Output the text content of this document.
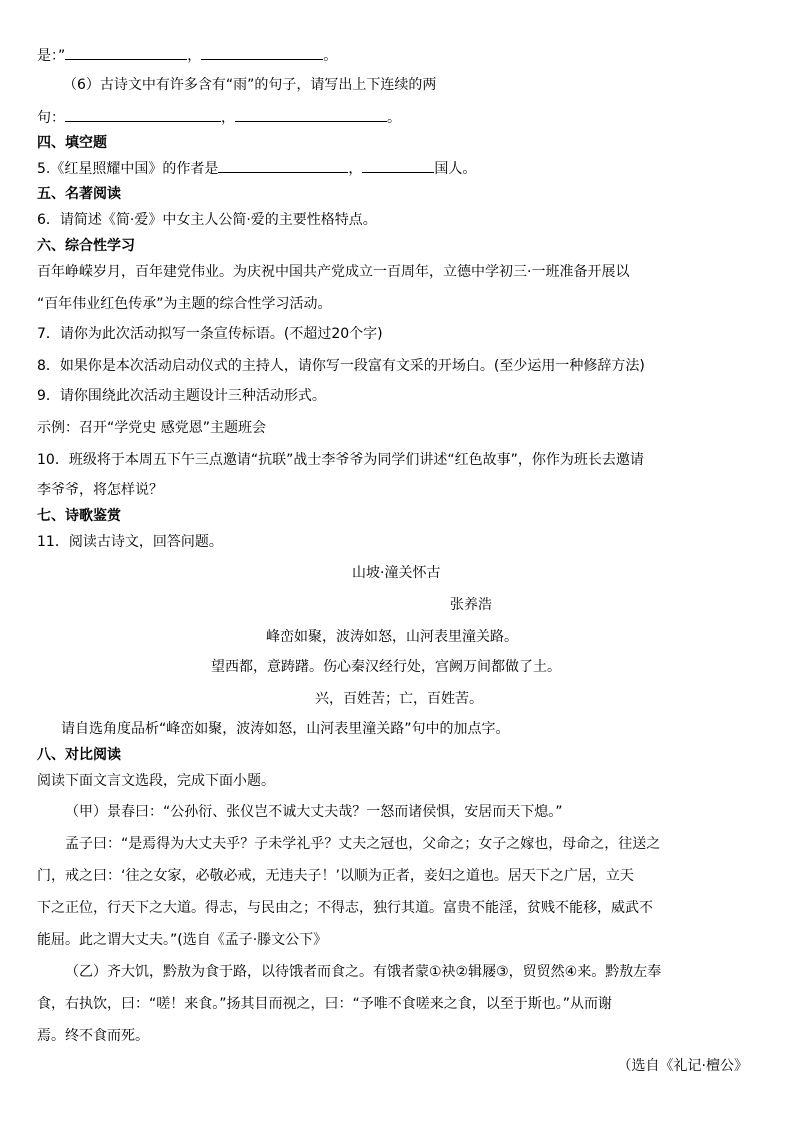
是：”	，	。
（6）古诗文中有许多含有“雨”的句子，请写出上下连续的两
句：	，	。
四、填空题
5.《红星照耀中国》的作者是	，	国人。
五、名著阅读
6．请简述《简·爱》中女主人公简·爱的主要性格特点。
六、综合性学习
百年峥嵘岁月，百年建党伟业。为庆祝中国共产党成立一百周年，立德中学初三·一班准备开展以
“百年伟业红色传承”为主题的综合性学习活动。
7．请你为此次活动拟写一条宣传标语。(不超过20个字)
8．如果你是本次活动启动仪式的主持人，请你写一段富有文采的开场白。(至少运用一种修辞方法)
9．请你围绕此次活动主题设计三种活动形式。
示例：召开“学党史 感党恩”主题班会
10．班级将于本周五下午三点邀请“抗联”战士李爷爷为同学们讲述“红色故事”，你作为班长去邀请
李爷爷，将怎样说？
七、诗歌鉴赏
11．阅读古诗文，回答问题。
山坡·潼关怀古
张养浩
峰峦如聚，波涛如怒，山河表里潼关路。
望西都，意踌躇。伤心秦汉经行处，宫阙万间都做了土。
兴，百姓苦；亡，百姓苦。
请自选角度品析“峰峦如聚，波涛如怒，山河表里潼关路”句中的加点字。
八、对比阅读
阅读下面文言文选段，完成下面小题。
（甲）景春曰：“公孙衍、张仪岂不诚大丈夫哉？一怒而诸侯惧，安居而天下熄。”
孟子曰：“是焉得为大丈夫乎？子未学礼乎？丈夫之冠也，父命之；女子之嫁也，母命之，往送之
门，戒之曰：‘往之女家，必敬必戒，无违夫子！’以顺为正者，妾妇之道也。居天下之广居，立天
下之正位，行天下之大道。得志，与民由之；不得志，独行其道。富贵不能淫，贫贱不能移，威武不
能屈。此之谓大丈夫。”(选自《孟子·滕文公下》
（乙）齐大饥，黔敖为食于路，以待饿者而食之。有饿者蒙①袂②辑屦③，贸贸然④来。黔敖左奉
食，右执饮，曰：“嗟！来食。”扬其目而视之，曰：“予唯不食嗟来之食，以至于斯也。”从而谢
焉。终不食而死。
（选自《礼记·檀公》
